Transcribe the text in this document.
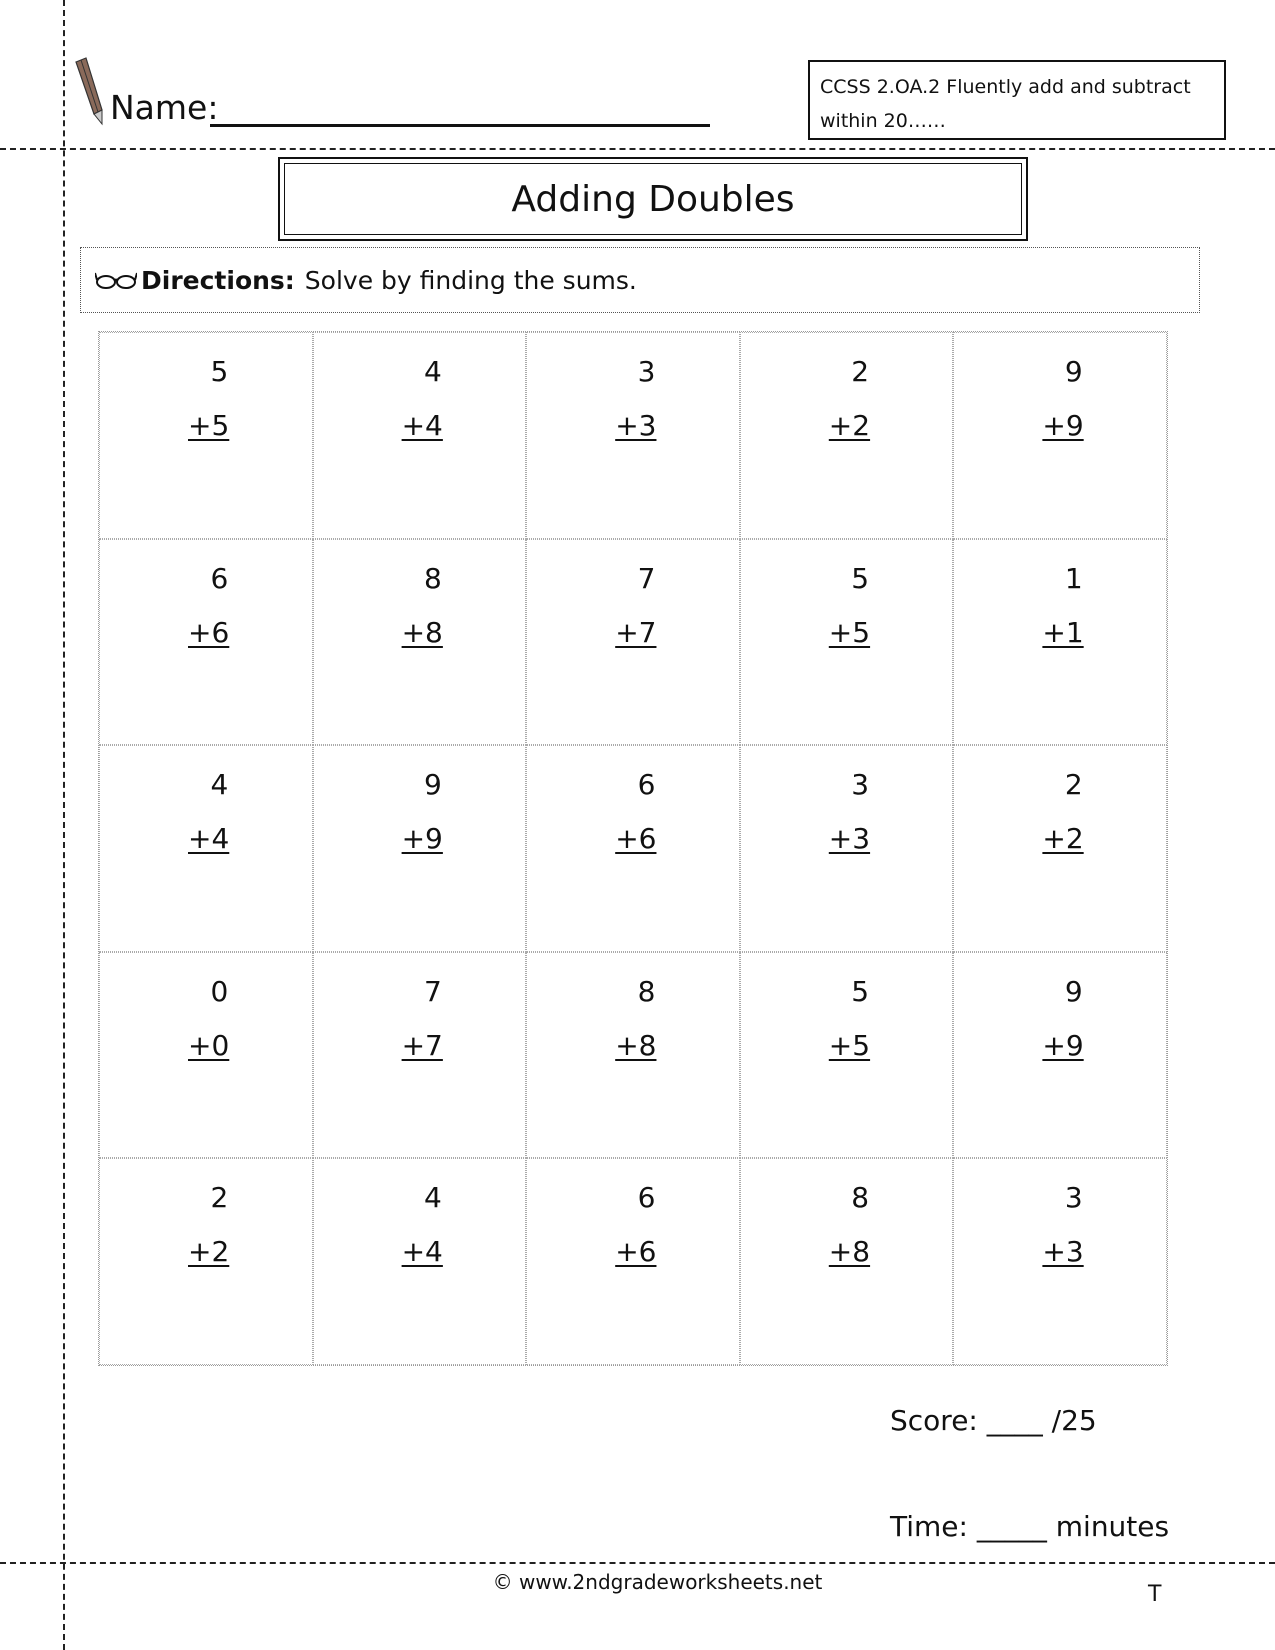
Name:
CCSS 2.OA.2 Fluently add and subtract within 20……
Adding Doubles
Directions: Solve by finding the sums.
5
+5
4
+4
3
+3
2
+2
9
+9
6
+6
8
+8
7
+7
5
+5
1
+1
4
+4
9
+9
6
+6
3
+3
2
+2
0
+0
7
+7
8
+8
5
+5
9
+9
2
+2
4
+4
6
+6
8
+8
3
+3
Score: ____ /25
Time: _____ minutes
© www.2ndgradeworksheets.net	T
